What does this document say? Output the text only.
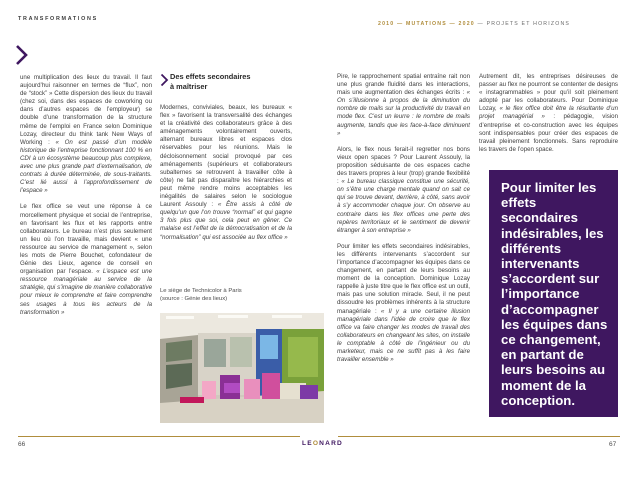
TRANSFORMATIONS
2010 — MUTATIONS — 2020 — PROJETS ET HORIZONS

une multiplication des lieux du travail. Il faut aujourd’hui raisonner en termes de “flux”, non de “stock” » Cette dispersion des lieux du travail (chez soi, dans des espaces de coworking ou dans d’autres espaces de l’employeur) se double d’une transformation de la structure même de l’emploi en France selon Dominique Lozay, directeur du think tank New Ways of Working : « On est passé d’un modèle historique de l’entreprise fonctionnant 100 % en CDI à un écosystème beaucoup plus complexe, avec une plus grande part d’externalisation, de contrats à durée déterminée, de sous-traitants. C’est lié aussi à l’approfondissement de l’espace »

Le flex office se veut une réponse à ce morcellement physique et social de l’entreprise, en favorisant les flux et les rapports entre collaborateurs. Le bureau n’est plus seulement un lieu où l’on travaille, mais devient « une ressource au service de management », selon les mots de Pierre Bouchet, cofondateur de Génie des Lieux, agence de conseil en organisation par l’espace. « L’espace est une ressource managériale au service de la stratégie, qui s’imagine de manière collaborative pour mieux le comprendre et faire comprendre ses usages à tous les acteurs de la transformation »

Des effets secondaires
à maîtriser

Modernes, conviviales, beaux, les bureaux « flex » favorisent la transversalité des échanges et la créativité des collaborateurs grâce à des aménagements volontairement ouverts, alternant bureaux libres et espaces clos réservables pour les réunions. Mais le décloisonnement social provoqué par ces aménagements (supérieurs et collaborateurs subalternes se retrouvent à travailler côte à côte) ne fait pas disparaître les hiérarchies et peut même rendre moins acceptables les inégalités de salaires selon le sociologue Laurent Assouly : « Être assis à côté de quelqu’un que l’on trouve “normal” et qui gagne 3 fois plus que soi, cela peut en gêner. Ce malaise est l’effet de la démocratisation et de la “normalisation” qui est associée au flex office »

Le siège de Technicolor à Paris
(source : Génie des lieux)

Pire, le rapprochement spatial entraîne rait non une plus grande fluidité dans les interactions, mais une augmentation des échanges écrits : « On s’illusionne à propos de la diminution du nombre de mails sur la productivité du travail en mode flex. C’est un leurre : le nombre de mails augmente, tandis que les face-à-face diminuent »

Alors, le flex nous ferait-il regretter nos bons vieux open spaces ? Pour Laurent Assouly, la proposition séduisante de ces espaces cache des travers propres à leur (trop) grande flexibilité : « Le bureau classique constitue une sécurité, on s’être une charge mentale quand on sait ce qui se trouve devant, derrière, à côté, sans avoir à s’y accommoder chaque jour. On observe au contraire dans les flex offices une perte des repères territoriaux et le sentiment de devenir étranger à son entreprise »

Pour limiter les effets secondaires indésirables, les différents intervenants s’accordent sur l’importance d’accompagner les équipes dans ce changement, en partant de leurs besoins au moment de la conception. Dominique Lozay rappelle à juste titre que le flex office est un outil, mais pas une solution miracle. Seul, il ne peut dissoudre les problèmes inhérents à la structure managériale : « Il y a une certaine illusion managériale dans l’idée de croire que le flex office va faire changer les modes de travail des collaborateurs en changeant les sites, on installe le comptable à côté de l’ingénieur ou du marketeur, mais ce ne suffit pas à les faire travailler ensemble »

Autrement dit, les entreprises désireuses de passer au flex ne pourront se contenter de designs « instagrammables » pour qu’il soit pleinement adopté par les collaborateurs. Pour Dominique Lozay, « le flex office doit être la résultante d’un projet managérial » : pédagogie, vision d’entreprise et co-construction avec les équipes sont indispensables pour créer des espaces de travail pleinement fonctionnels. Sans reproduire les travers de l’open space.

Pour limiter les effets secondaires indésirables, les différents intervenants s’accordent sur l’importance d’accompagner les équipes dans ce changement, en partant de leurs besoins au moment de la conception.
66	67
LEONARD
